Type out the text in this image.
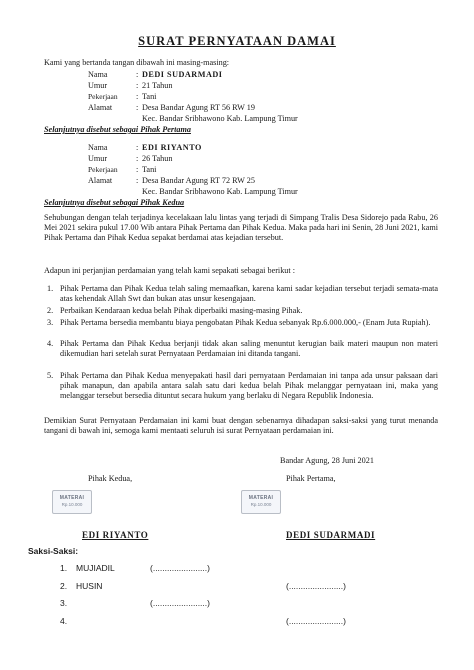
SURAT PERNYATAAN DAMAI
Kami yang bertanda tangan dibawah ini masing-masing:
Nama	: DEDI SUDARMADI
Umur	: 21 Tahun
Pekerjaan : Tani
Alamat	: Desa Bandar Agung RT 56 RW 19
Kec. Bandar Sribhawono Kab. Lampung Timur
Selanjutnya disebut sebagai Pihak Pertama
Nama	: EDI RIYANTO
Umur	: 26 Tahun
Pekerjaan : Tani
Alamat	: Desa Bandar Agung RT 72 RW 25
Kec. Bandar Sribhawono Kab. Lampung Timur
Selanjutnya disebut sebagai Pihak Kedua
Sehubungan dengan telah terjadinya kecelakaan lalu lintas yang terjadi di Simpang Tralis Desa Sidorejo pada Rabu, 26 Mei 2021 sekira pukul 17.00 Wib antara Pihak Pertama dan Pihak Kedua. Maka pada hari ini Senin, 28 Juni 2021, kami Pihak Pertama dan Pihak Kedua sepakat berdamai atas kejadian tersebut.
Adapun ini perjanjian perdamaian yang telah kami sepakati sebagai berikut :
1. Pihak Pertama dan Pihak Kedua telah saling memaafkan, karena kami sadar kejadian tersebut terjadi semata-mata atas kehendak Allah Swt dan bukan atas unsur kesengajaan.
2. Perbaikan Kendaraan kedua belah Pihak diperbaiki masing-masing Pihak.
3. Pihak Pertama bersedia membantu biaya pengobatan Pihak Kedua sebanyak Rp.6.000.000,- (Enam Juta Rupiah).
4. Pihak Pertama dan Pihak Kedua berjanji tidak akan saling menuntut kerugian baik materi maupun non materi dikemudian hari setelah surat Pernyataan Perdamaian ini ditanda tangani.
5. Pihak Pertama dan Pihak Kedua menyepakati hasil dari pernyataan Perdamaian ini tanpa ada unsur paksaan dari pihak manapun, dan apabila antara salah satu dari kedua belah Pihak melanggar pernyataan ini, maka yang melanggar tersebut bersedia dituntut secara hukum yang berlaku di Negara Republik Indonesia.
Demikian Surat Pernyataan Perdamaian ini kami buat dengan sebenarnya dihadapan saksi-saksi yang turut menanda tangani di bawah ini, semoga kami mentaati seluruh isi surat Pernyataan perdamaian ini.
Bandar Agung, 28 Juni 2021
Pihak Kedua,	Pihak Pertama,
MATERAI
Rp.10.000
MATERAI
Rp.10.000
EDI RIYANTO	DEDI SUDARMADI
Saksi-Saksi:
1. MUJIADIL	(.......................)
2. HUSIN	(.......................)
3.	(.......................)
4.	(.......................)
